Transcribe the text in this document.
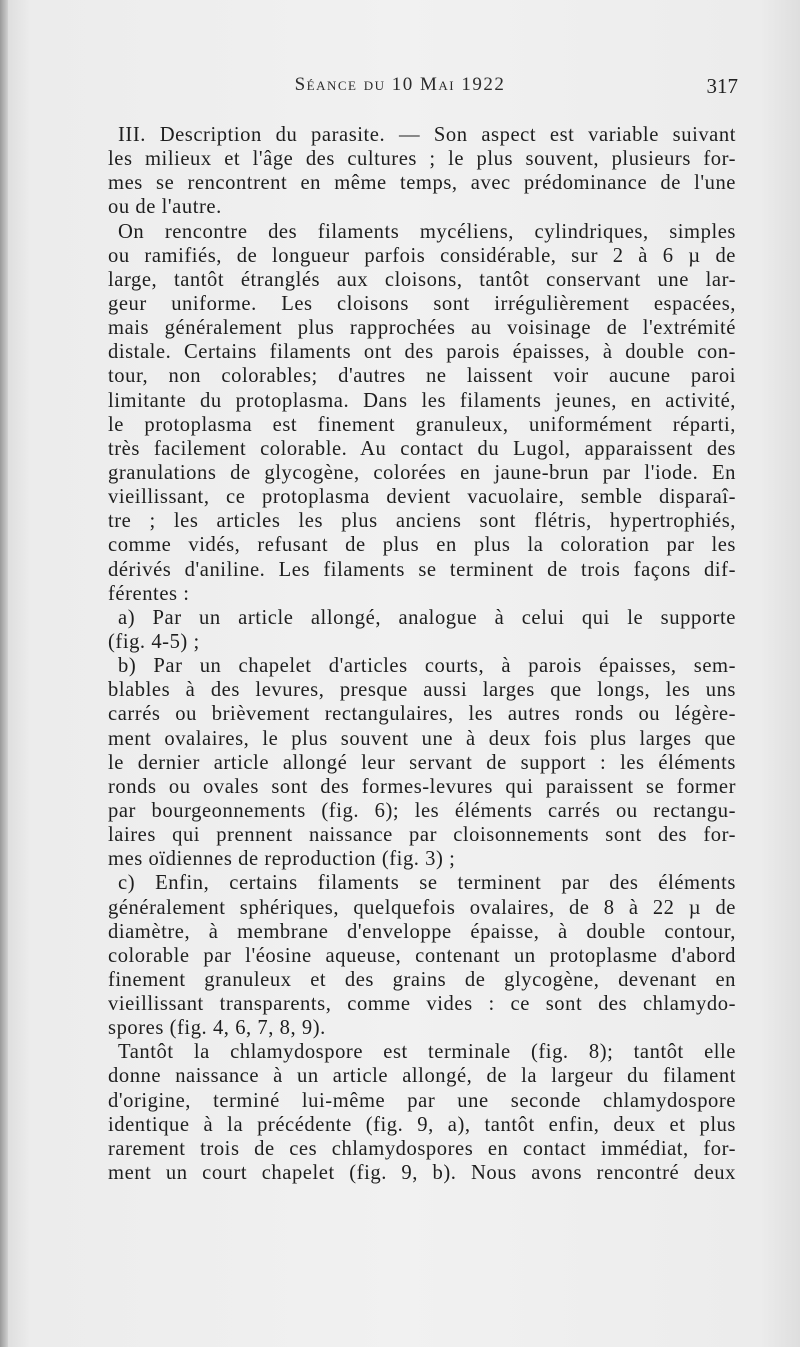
Séance du 10 Mai 1922	317
III. Description du parasite. — Son aspect est variable suivant
les milieux et l'âge des cultures ; le plus souvent, plusieurs for-
mes se rencontrent en même temps, avec prédominance de l'une
ou de l'autre.
On rencontre des filaments mycéliens, cylindriques, simples
ou ramifiés, de longueur parfois considérable, sur 2 à 6 µ de
large, tantôt étranglés aux cloisons, tantôt conservant une lar-
geur uniforme. Les cloisons sont irrégulièrement espacées,
mais généralement plus rapprochées au voisinage de l'extrémité
distale. Certains filaments ont des parois épaisses, à double con-
tour, non colorables; d'autres ne laissent voir aucune paroi
limitante du protoplasma. Dans les filaments jeunes, en activité,
le protoplasma est finement granuleux, uniformément réparti,
très facilement colorable. Au contact du Lugol, apparaissent des
granulations de glycogène, colorées en jaune-brun par l'iode. En
vieillissant, ce protoplasma devient vacuolaire, semble disparaî-
tre ; les articles les plus anciens sont flétris, hypertrophiés,
comme vidés, refusant de plus en plus la coloration par les
dérivés d'aniline. Les filaments se terminent de trois façons dif-
férentes :
a) Par un article allongé, analogue à celui qui le supporte
(fig. 4-5) ;
b) Par un chapelet d'articles courts, à parois épaisses, sem-
blables à des levures, presque aussi larges que longs, les uns
carrés ou brièvement rectangulaires, les autres ronds ou légère-
ment ovalaires, le plus souvent une à deux fois plus larges que
le dernier article allongé leur servant de support : les éléments
ronds ou ovales sont des formes-levures qui paraissent se former
par bourgeonnements (fig. 6); les éléments carrés ou rectangu-
laires qui prennent naissance par cloisonnements sont des for-
mes oïdiennes de reproduction (fig. 3) ;
c) Enfin, certains filaments se terminent par des éléments
généralement sphériques, quelquefois ovalaires, de 8 à 22 µ de
diamètre, à membrane d'enveloppe épaisse, à double contour,
colorable par l'éosine aqueuse, contenant un protoplasme d'abord
finement granuleux et des grains de glycogène, devenant en
vieillissant transparents, comme vides : ce sont des chlamydo-
spores (fig. 4, 6, 7, 8, 9).
Tantôt la chlamydospore est terminale (fig. 8); tantôt elle
donne naissance à un article allongé, de la largeur du filament
d'origine, terminé lui-même par une seconde chlamydospore
identique à la précédente (fig. 9, a), tantôt enfin, deux et plus
rarement trois de ces chlamydospores en contact immédiat, for-
ment un court chapelet (fig. 9, b). Nous avons rencontré deux
